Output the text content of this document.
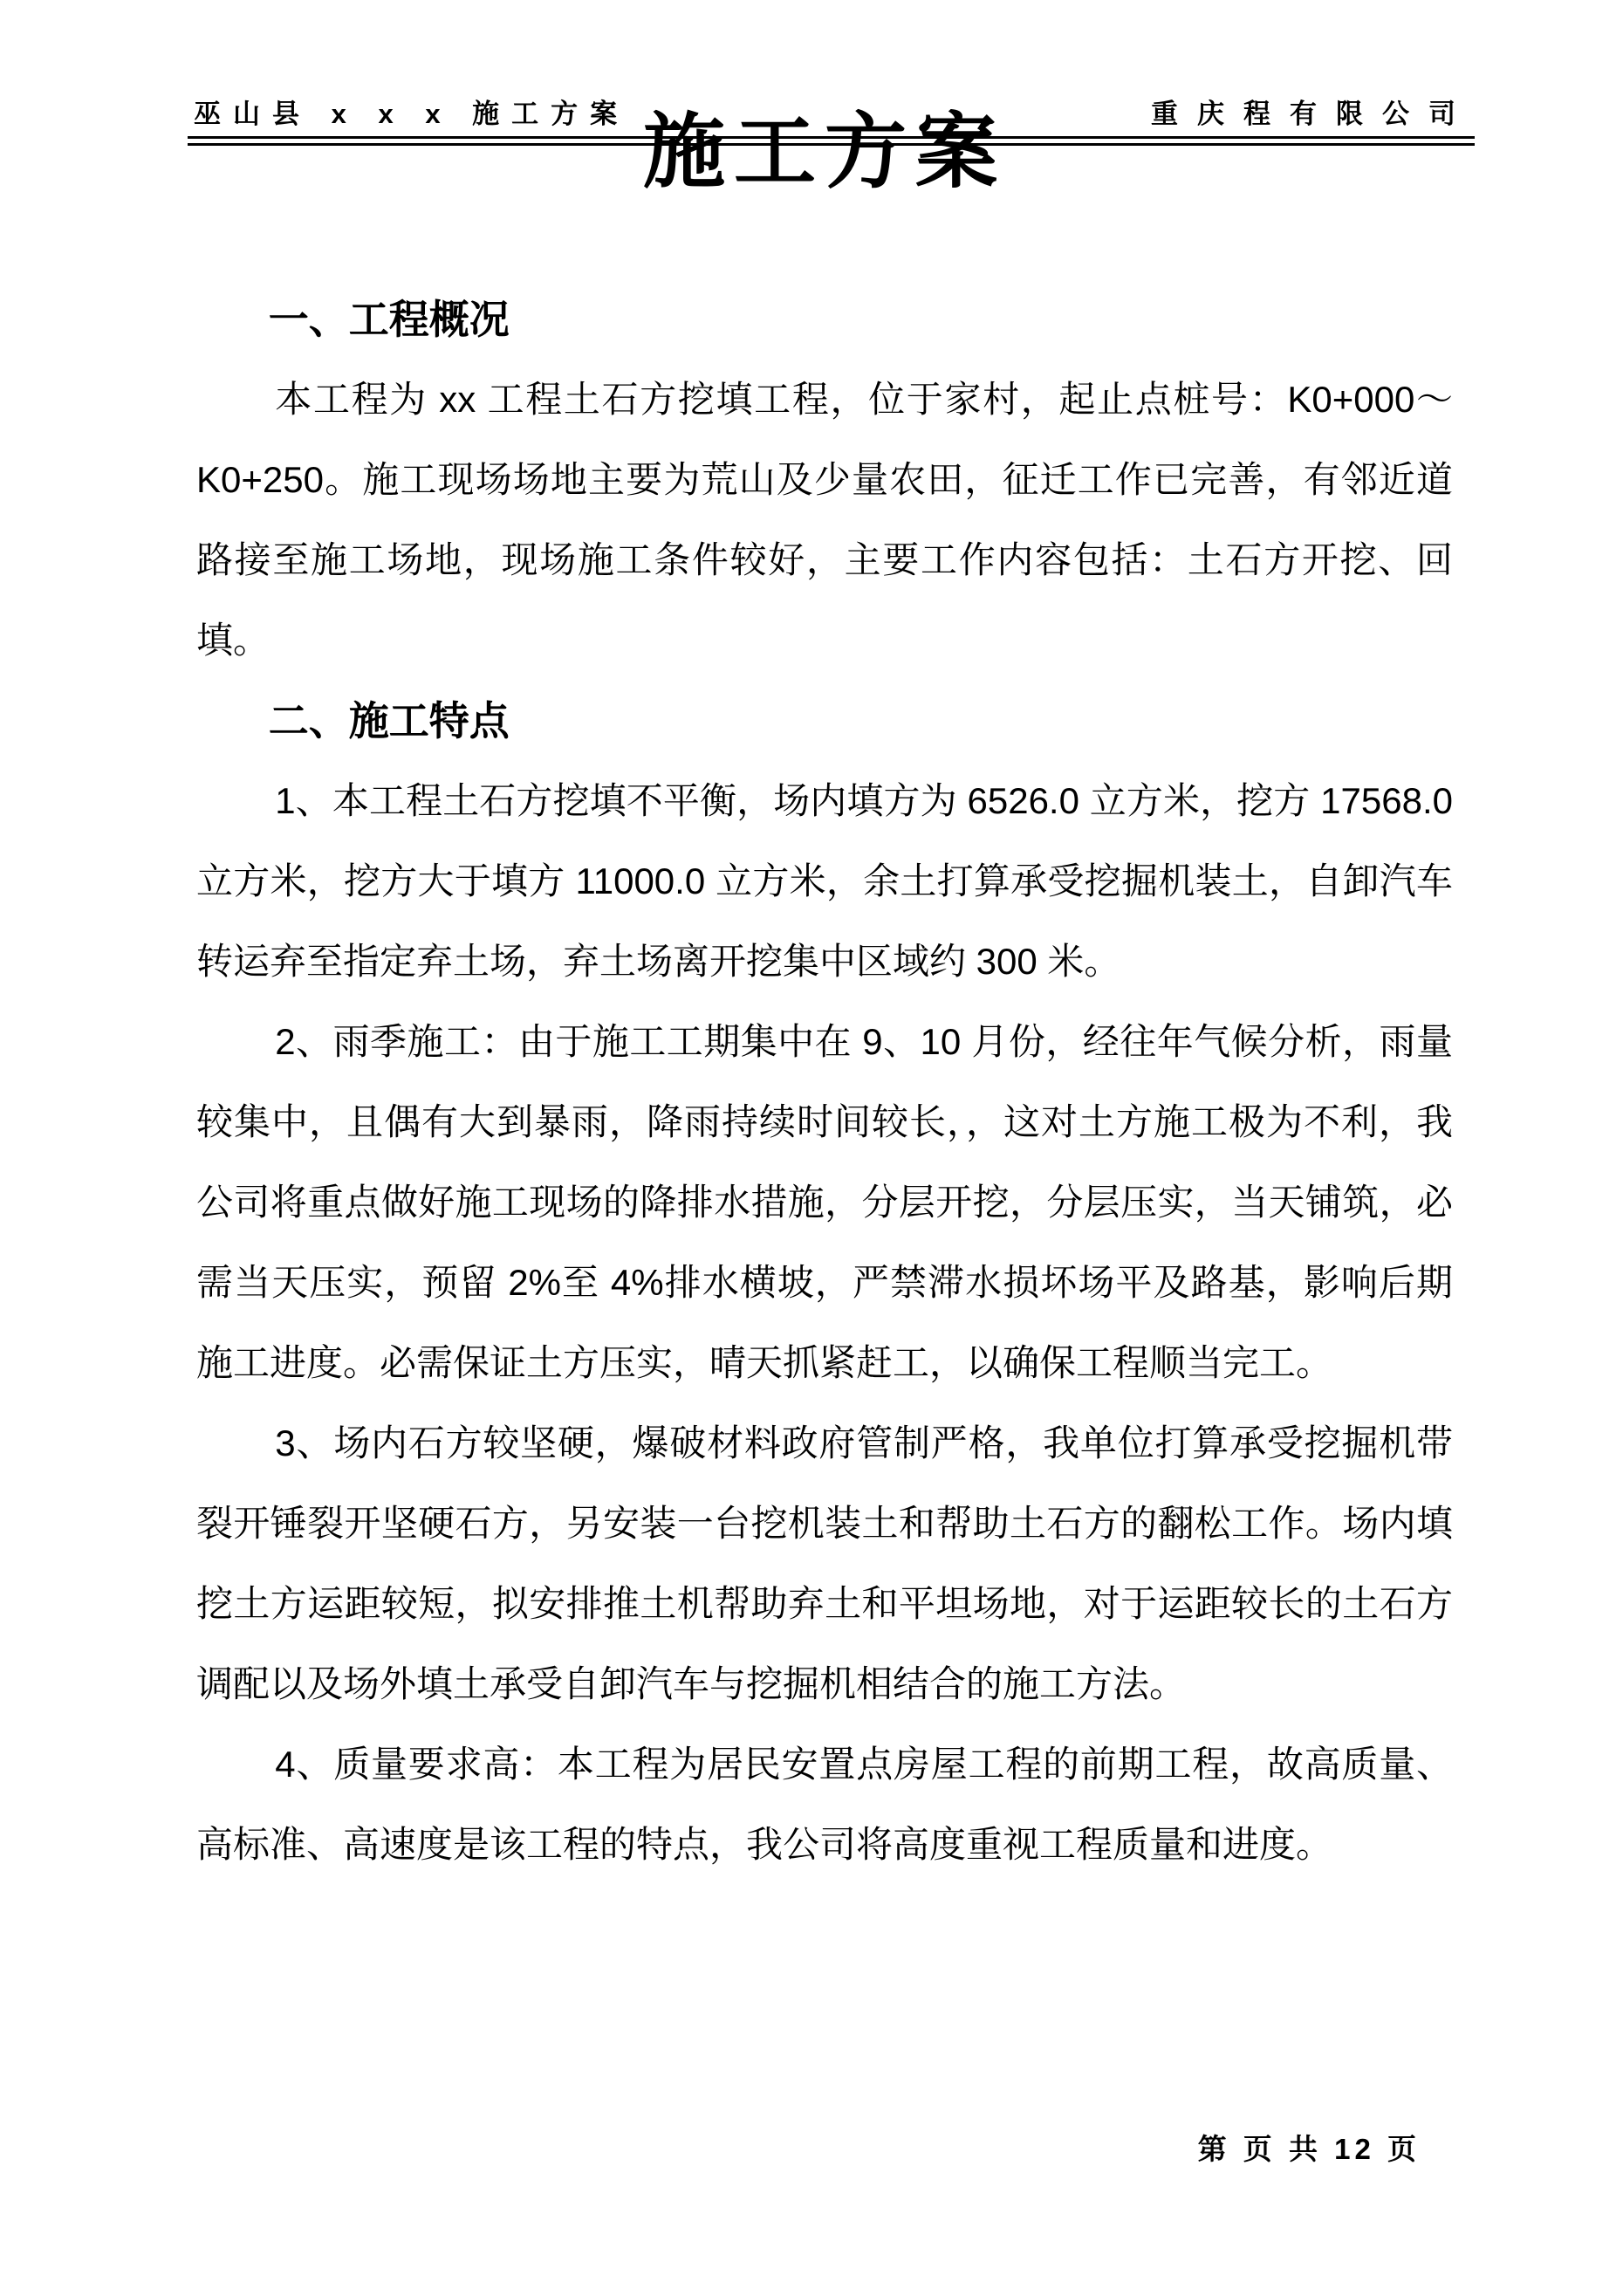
巫山县 x x x 施工方案	重庆程有限公司
施工方案
一、工程概况

本工程为 xx 工程土石方挖填工程，位于家村，起止点桩号：K0+000～K0+250。施工现场场地主要为荒山及少量农田，征迁工作已完善，有邻近道路接至施工场地，现场施工条件较好，主要工作内容包括：土石方开挖、回填。

二、施工特点

1、本工程土石方挖填不平衡，场内填方为 6526.0 立方米，挖方 17568.0 立方米，挖方大于填方 11000.0 立方米，余土打算承受挖掘机装土，自卸汽车转运弃至指定弃土场，弃土场离开挖集中区域约 300 米。

2、雨季施工：由于施工工期集中在 9、10 月份，经往年气候分析，雨量较集中，且偶有大到暴雨，降雨持续时间较长，，这对土方施工极为不利，我公司将重点做好施工现场的降排水措施，分层开挖，分层压实，当天铺筑，必需当天压实，预留 2%至 4%排水横坡，严禁滞水损坏场平及路基，影响后期施工进度。必需保证土方压实，晴天抓紧赶工，以确保工程顺当完工。

3、场内石方较坚硬，爆破材料政府管制严格，我单位打算承受挖掘机带裂开锤裂开坚硬石方，另安装一台挖机装土和帮助土石方的翻松工作。场内填挖土方运距较短，拟安排推土机帮助弃土和平坦场地，对于运距较长的土石方调配以及场外填土承受自卸汽车与挖掘机相结合的施工方法。

4、质量要求高：本工程为居民安置点房屋工程的前期工程，故高质量、高标准、高速度是该工程的特点，我公司将高度重视工程质量和进度。

第 页 共 12 页
